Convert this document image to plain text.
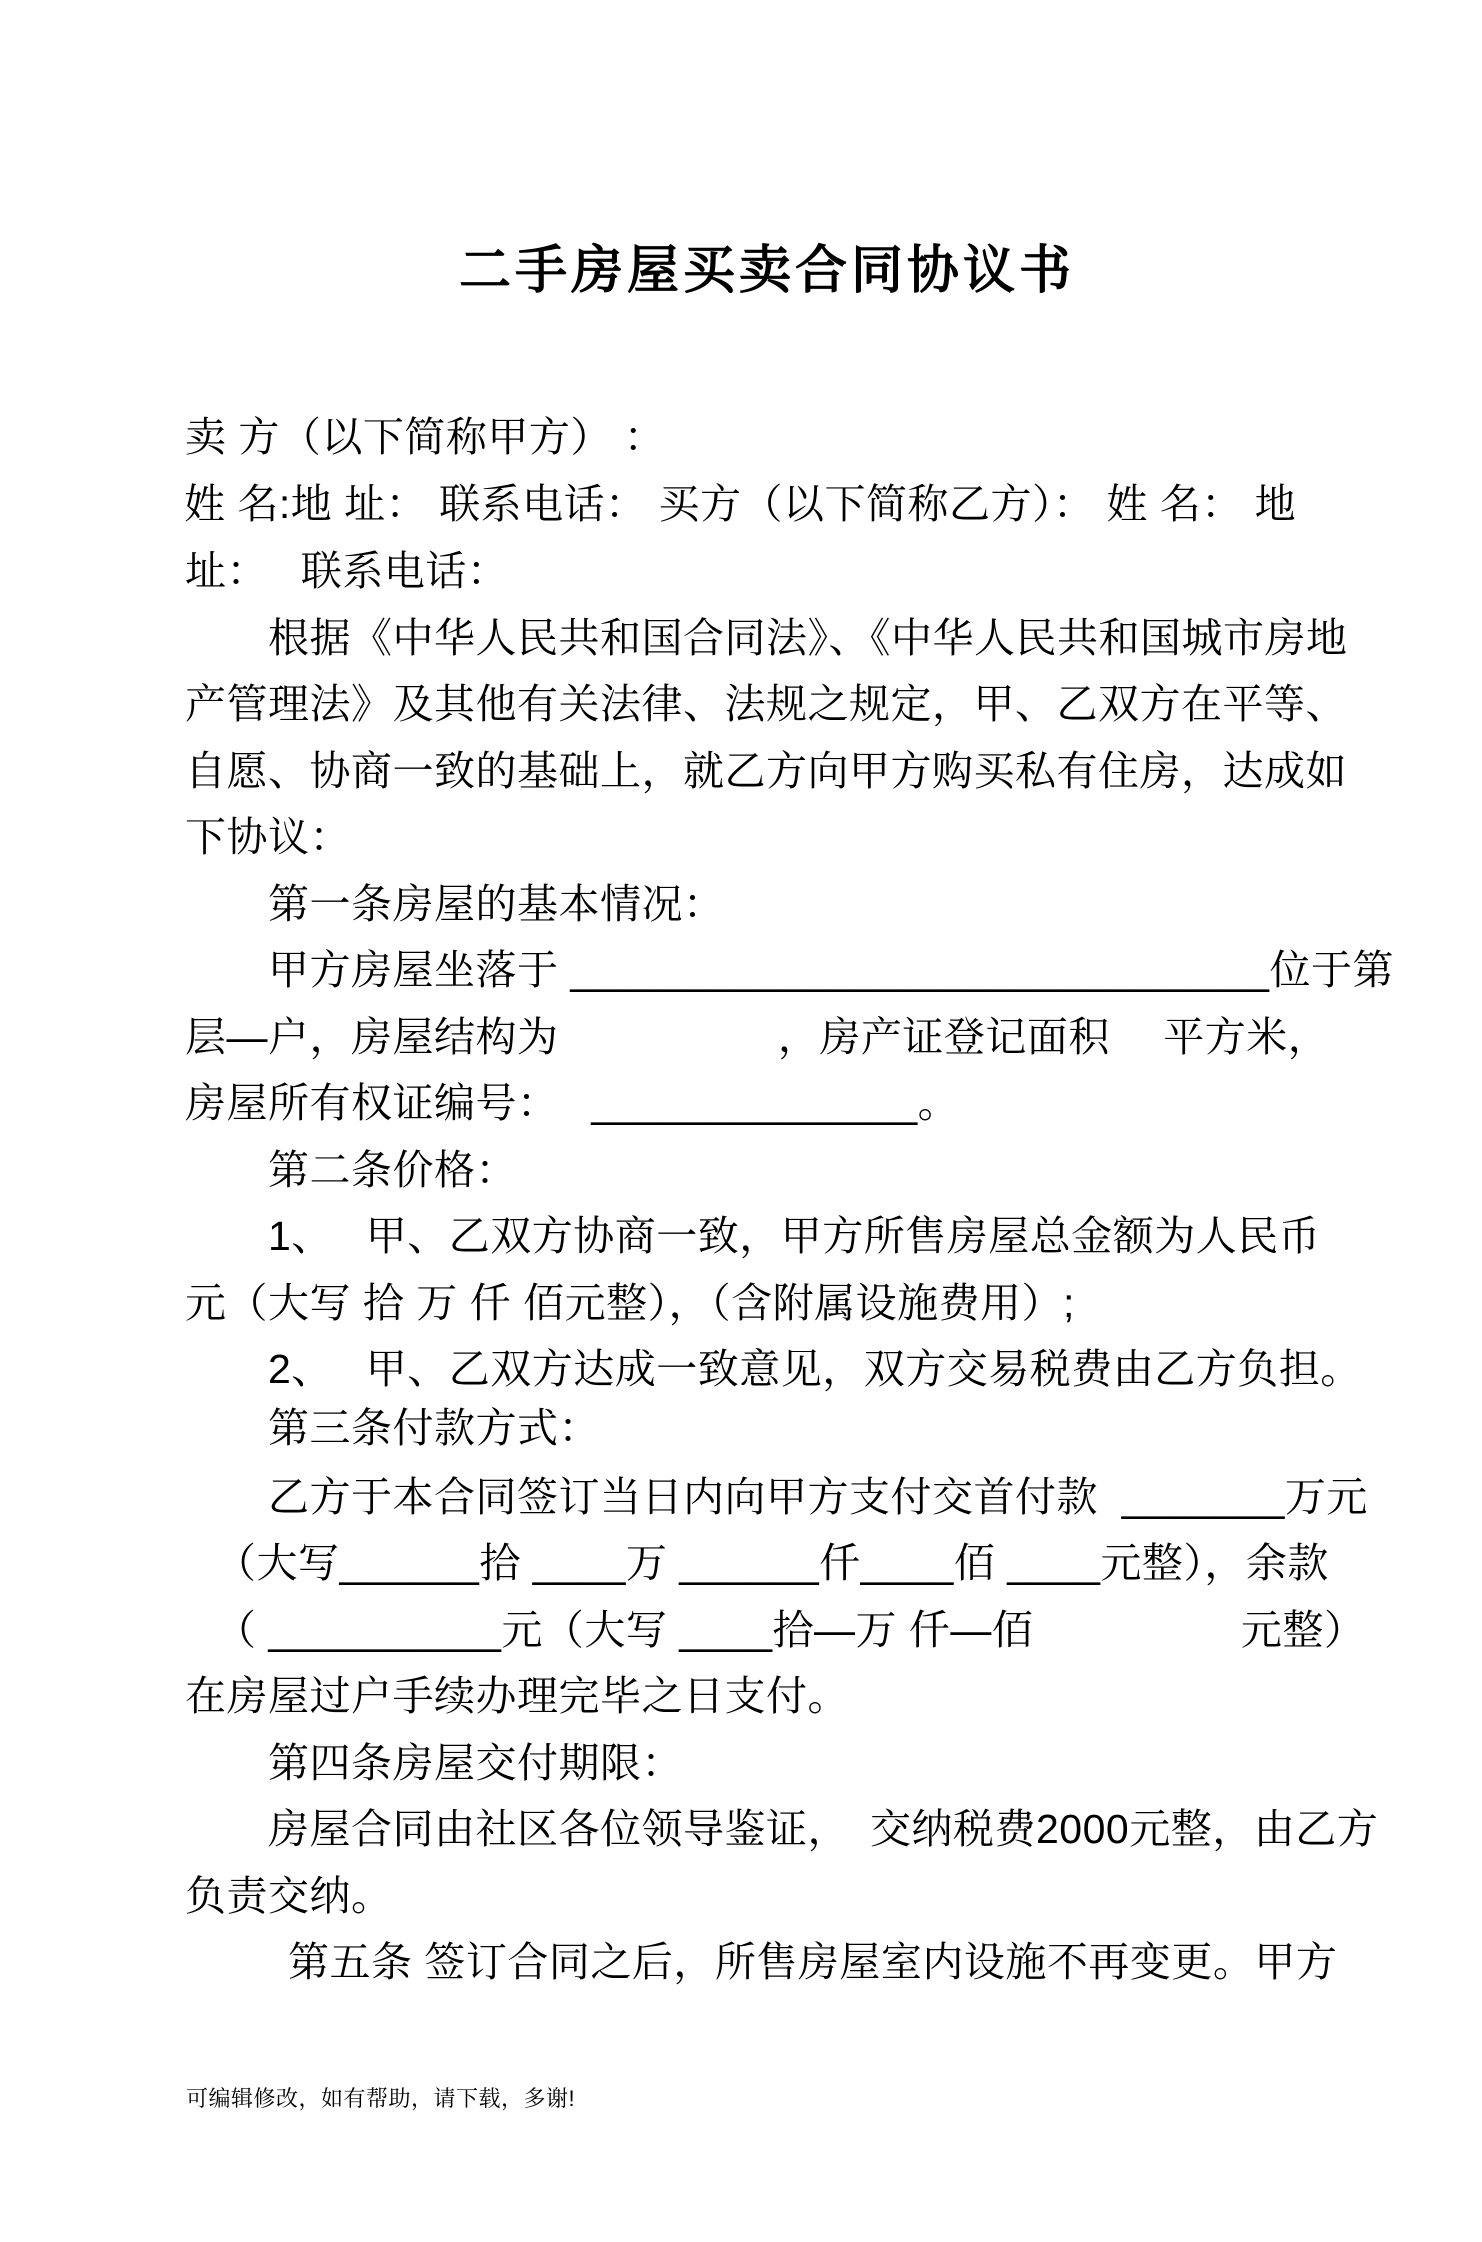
二手房屋买卖合同协议书
卖 方（以下简称甲方） ：
姓 名:地 址： 联系电话： 买方（以下简称乙方）： 姓 名： 地
址：　 联系电话：
根据《中华人民共和国合同法》、《中华人民共和国城市房地
产管理法》及其他有关法律、法规之规定，甲、乙双方在平等、
自愿、协商一致的基础上，就乙方向甲方购买私有住房，达成如
下协议：
第一条房屋的基本情况：
甲方房屋坐落于 ______________________________位于第
层—户，房屋结构为　　　　　 ，房产证登记面积　 平方米，
房屋所有权证编号：　 ______________。
第二条价格：
1、　 甲、乙双方协商一致，甲方所售房屋总金额为人民币
元（大写 拾 万 仟 佰元整），（含附属设施费用）;
2、　 甲、乙双方达成一致意见，双方交易税费由乙方负担。
第三条付款方式：
乙方于本合同签订当日内向甲方支付交首付款  _______万元
（大写______拾 ____万 ______仟____佰 ____元整），余款
（ __________元（大写 ____拾—万 仟—佰　　　　　元整）
在房屋过户手续办理完毕之日支付。
第四条房屋交付期限：
房屋合同由社区各位领导鉴证，　交纳税费2000元整，由乙方
负责交纳。
第五条 签订合同之后，所售房屋室内设施不再变更。甲方
可编辑修改，如有帮助，请下载，多谢!
